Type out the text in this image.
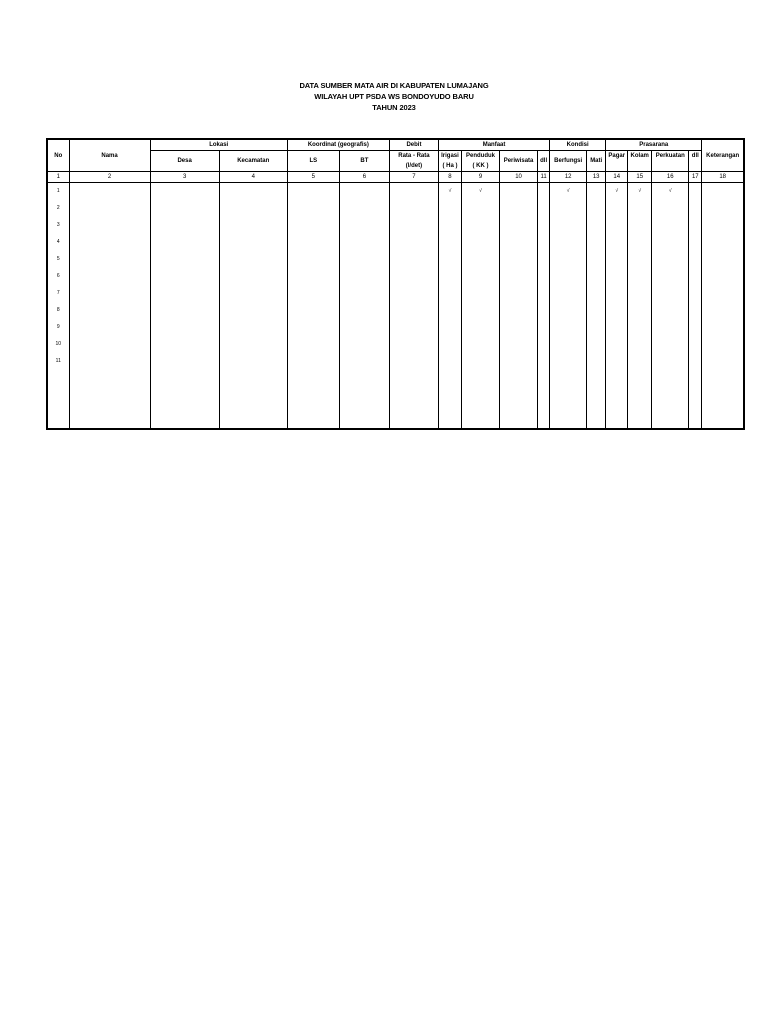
DATA SUMBER MATA AIR DI KABUPATEN LUMAJANG
WILAYAH UPT PSDA WS BONDOYUDO BARU
TAHUN 2023
No	Nama	Lokasi		Koordinat (geografis)		Debit	Manfaat				Kondisi		Prasarana				Keterangan
		Desa	Kecamatan	LS	BT	Rata - Rata	Irigasi	Penduduk	Periwisata	dll	Berfungsi	Mati	Pagar	Kolam	Perkuatan	dll	
						(l/det)	( Ha )	( KK )									
1	2	3	4	5	6	7	8	9	10	11	12	13	14	15	16	17	18
1							√	√			√		√	√	√		
2																	
3																	
4																	
5																	
6																	
7																	
8																	
9																	
10																	
11																	
